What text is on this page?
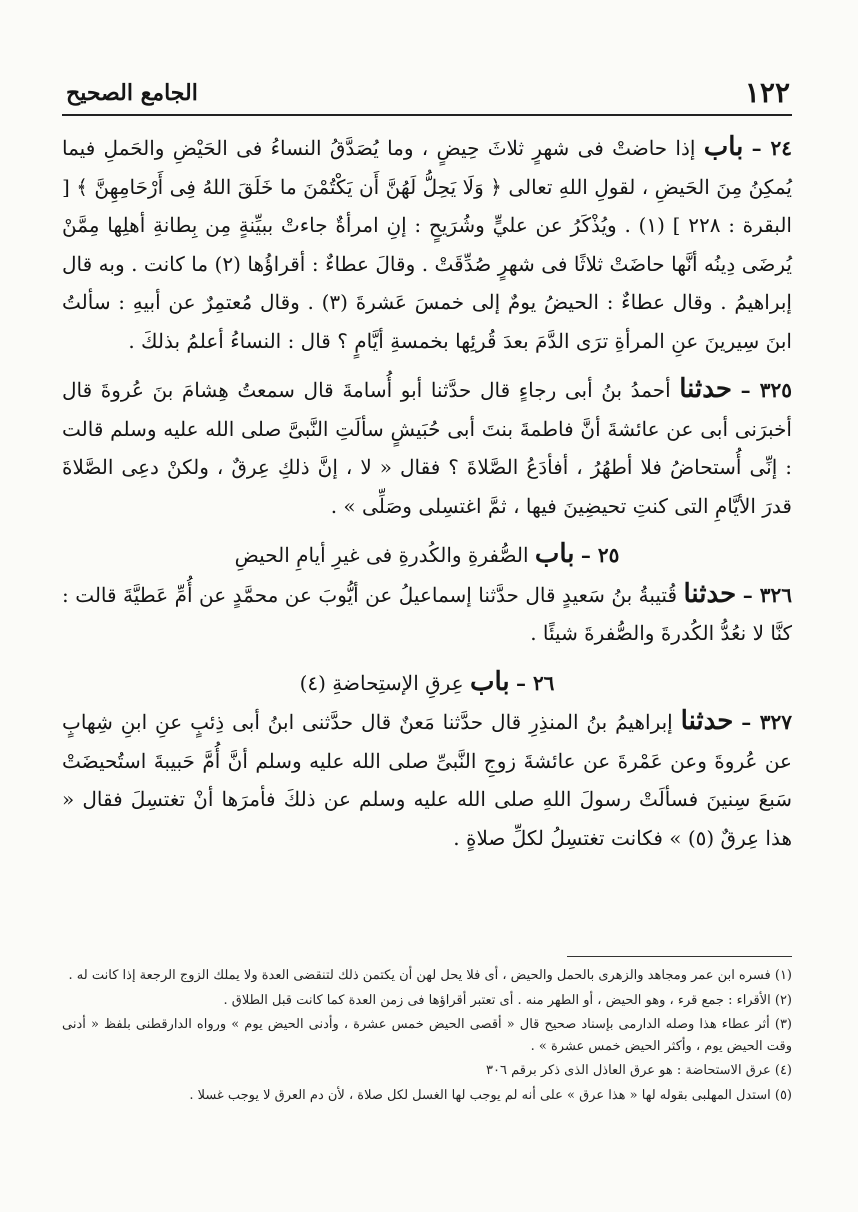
١٢٢
الجامع الصحيح

٢٤ – باب إذا حاضتْ فى شهرٍ ثلاثَ حِيضٍ ، وما يُصَدَّقُ النساءُ فى الحَيْضِ والحَملِ فيما يُمكِنُ مِنَ الحَيضِ ، لقولِ اللهِ تعالى ﴿ وَلَا يَحِلُّ لَهُنَّ أَن يَكْتُمْنَ ما خَلَقَ اللهُ فِى أَرْحَامِهِنَّ ﴾ [ البقرة : ٢٢٨ ] (١) . ويُذْكَرُ عن عليٍّ وشُرَيحٍ : إنِ امرأةٌ جاءتْ ببيِّنةٍ مِن بِطانةِ أهلِها مِمَّنْ يُرضَى دِينُه أنَّها حاضَتْ ثلاثًا فى شهرٍ صُدِّقَتْ . وقالَ عطاءٌ : أقراؤُها (٢) ما كانت . وبه قال إبراهيمُ . وقال عطاءٌ : الحيضُ يومٌ إلى خمسَ عَشرةَ (٣) . وقال مُعتمِرٌ عن أبيهِ : سألتُ ابنَ سِيرينَ عنِ المرأةِ ترَى الدَّمَ بعدَ قُرئِها بخمسةِ أيَّامٍ ؟ قال : النساءُ أعلمُ بذلكَ .

٣٢٥ – حدثنا أحمدُ بنُ أبى رجاءٍ قال حدَّثنا أبو أُسامةَ قال سمعتُ هِشامَ بنَ عُروةَ قال أخبرَنى أبى عن عائشةَ أنَّ فاطمةَ بنتَ أبى حُبَيشٍ سألَتِ النَّبىَّ صلى الله عليه وسلم قالت : إنِّى أُستحاضُ فلا أطهُرُ ، أفأدَعُ الصَّلاةَ ؟ فقال « لا ، إنَّ ذلكِ عِرقٌ ، ولكنْ دعِى الصَّلاةَ قدرَ الأيَّامِ التى كنتِ تحيضِينَ فيها ، ثمَّ اغتسِلى وصَلِّى » .

٢٥ – باب الصُّفرةِ والكُدرةِ فى غيرِ أيامِ الحيضِ

٣٢٦ – حدثنا قُتيبةُ بنُ سَعيدٍ قال حدَّثنا إسماعيلُ عن أيُّوبَ عن محمَّدٍ عن أُمِّ عَطيَّةَ قالت : كنَّا لا نعُدُّ الكُدرةَ والصُّفرةَ شيئًا .

٢٦ – باب عِرقِ الإستِحاضةِ (٤)

٣٢٧ – حدثنا إبراهيمُ بنُ المنذِرِ قال حدَّثنا مَعنٌ قال حدَّثنى ابنُ أبى ذِئبٍ عنِ ابنِ شِهابٍ عن عُروةَ وعن عَمْرةَ عن عائشةَ زوجِ النَّبىِّ صلى الله عليه وسلم أنَّ أُمَّ حَبيبةَ استُحيضَتْ سَبعَ سِنينَ فسألَتْ رسولَ اللهِ صلى الله عليه وسلم عن ذلكَ فأمرَها أنْ تغتسِلَ فقال « هذا عِرقٌ (٥) » فكانت تغتسِلُ لكلِّ صلاةٍ .

(١) فسره ابن عمر ومجاهد والزهرى بالحمل والحيض ، أى فلا يحل لهن أن يكتمن ذلك لتنقضى العدة ولا يملك الزوج الرجعة إذا كانت له .

(٢) الأقراء : جمع قرء ، وهو الحيض ، أو الطهر منه . أى تعتبر أقراؤها فى زمن العدة كما كانت قبل الطلاق .

(٣) أثر عطاء هذا وصله الدارمى بإسناد صحيح قال « أقصى الحيض خمس عشرة ، وأدنى الحيض يوم » ورواه الدارقطنى بلفظ « أدنى وقت الحيض يوم ، وأكثر الحيض خمس عشرة » .

(٤) عرق الاستحاضة : هو عرق العاذل الذى ذكر برقم ٣٠٦

(٥) استدل المهلبى بقوله لها « هذا عرق » على أنه لم يوجب لها الغسل لكل صلاة ، لأن دم العرق لا يوجب غسلا .
